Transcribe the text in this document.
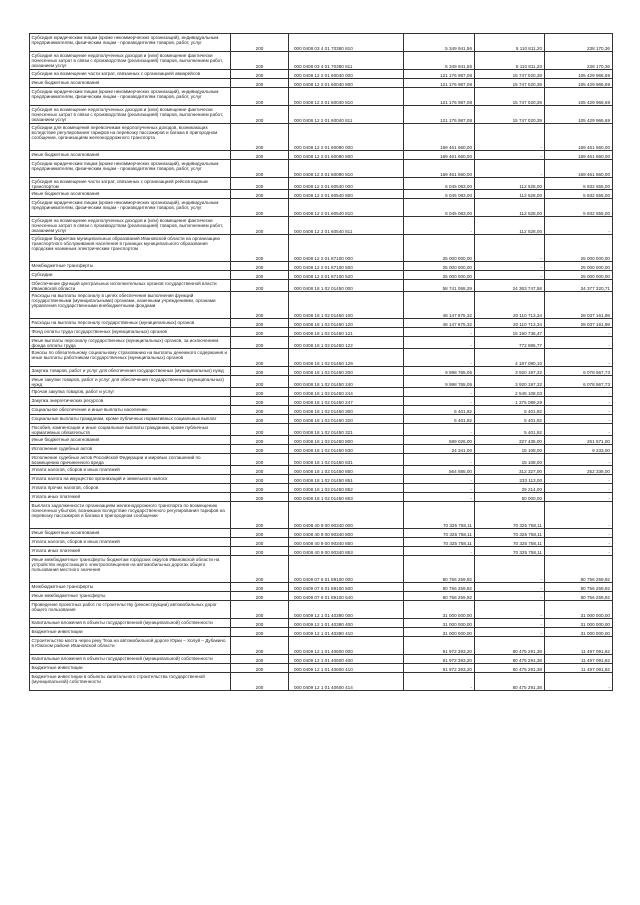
Субсидия юридическим лицам (кроме некоммерческих организаций), индивидуальным предпринимателям, физическим лицам - производителям товаров, работ, услуг	200	000 0408 03 4 01 70380 810	5 349 941,56	5 110 811,20	238 170,36
Субсидия на возмещение недополученных доходов и (или) возмещение фактически понесенных затрат в связи с производством (реализацией) товаров, выполнением работ, оказанием услуг	200	000 0408 03 4 01 70380 811	5 349 941,56	5 110 811,20	238 170,36
Субсидии на возмещение части затрат, связанных с организацией авиарейсов	200	000 0408 12 2 01 60040 000	121 176 987,08	15 747 020,39	105 429 966,69
Иные бюджетные ассигнования	200	000 0408 12 2 01 60040 800	121 176 987,08	15 747 020,39	105 429 966,69
Субсидии юридическим лицам (кроме некоммерческих организаций), индивидуальным предпринимателям, физическим лицам - производителям товаров, работ, услуг	200	000 0408 12 2 01 60040 810	121 176 987,08	15 747 020,39	105 429 966,69
Субсидия на возмещение недополученных доходов и (или) возмещение фактически понесенных затрат в связи с производством (реализацией) товаров, выполнением работ, оказанием услуг	200	000 0408 12 2 01 60040 811	121 176 987,08	15 747 020,39	105 429 966,69
Субсидии для возмещения перевозчикам недополученных доходов, возникающих вследствие регулирования тарифов на перевозку пассажиров и багажа в пригородном сообщении, организациям железнодорожного транспорта	200	000 0408 12 2 01 60090 000	169 461 660,00	-	169 461 660,00
Иные бюджетные ассигнования	200	000 0408 12 2 01 60090 800	169 461 660,00	-	169 461 660,00
Субсидии юридическим лицам (кроме некоммерческих организаций), индивидуальным предпринимателям, физическим лицам - производителям товаров, работ, услуг	200	000 0408 12 2 01 60090 810	169 461 660,00	-	169 461 660,00
Субсидия на возмещение части затрат, связанных с организацией рейсов водным транспортом	200	000 0408 12 2 01 60540 000	6 045 083,00	112 528,00	5 932 555,00
Иные бюджетные ассигнования	200	000 0408 12 2 01 60540 800	6 045 083,00	112 528,00	5 932 555,00
Субсидии юридическим лицам (кроме некоммерческих организаций), индивидуальным предпринимателям, физическим лицам - производителям товаров, работ, услуг	200	000 0408 12 2 01 60540 810	6 045 083,00	112 528,00	5 932 555,00
Субсидия на возмещение недополученных доходов и (или) возмещение фактически понесенных затрат в связи с производством (реализацией) товаров, выполнением работ, оказанием услуг	200	000 0408 12 2 01 60540 811	-	112 528,00	-
Субсидии бюджетам муниципальных образований Ивановской области на организацию транспортного обслуживания населения в границах муниципального образования городским наземным электрическим транспортом	200	000 0408 12 2 01 87100 000	25 000 000,00	-	25 000 000,00
Межбюджетные трансферты	200	000 0408 12 2 01 87100 500	25 000 000,00	-	25 000 000,00
Субсидии	200	000 0408 12 2 01 87100 520	25 000 000,00	-	25 000 000,00
Обеспечение функций центральных исполнительных органов государственной власти Ивановской области	200	000 0408 18 1 02 01450 000	58 741 068,29	24 363 747,58	34 377 320,71
Расходы на выплаты персоналу в целях обеспечения выполнения функций государственными (муниципальными) органами, казенными учреждениями, органами управления государственными внебюджетными фондами	200	000 0408 18 1 02 01450 100	48 147 875,32	20 110 713,34	28 037 161,98
Расходы на выплаты персоналу государственных (муниципальных) органов	200	000 0408 18 1 02 01450 120	48 147 875,32	20 110 713,34	28 037 161,98
Фонд оплаты труда государственных (муниципальных) органов	200	000 0408 18 1 02 01450 121	-	15 150 736,47	-
Иные выплаты персоналу государственных (муниципальных) органов, за исключением фонда оплаты труда	200	000 0408 18 1 02 01450 122	-	772 886,77	-
Взносы по обязательному социальному страхованию на выплаты денежного содержания и иные выплаты работникам государственных (муниципальных) органов	200	000 0408 18 1 02 01450 129	-	4 187 090,10	-
Закупка товаров, работ и услуг для обеспечения государственных (муниципальных) нужд	200	000 0408 18 1 02 01450 200	9 998 765,05	3 920 197,32	6 078 567,73
Иные закупки товаров, работ и услуг для обеспечения государственных (муниципальных) нужд	200	000 0408 18 1 02 01450 240	9 998 765,05	3 920 197,32	6 078 567,73
Прочая закупка товаров, работ и услуг	200	000 0408 18 1 02 01450 244	-	2 545 108,03	-
Закупка энергетических ресурсов	200	000 0408 18 1 02 01450 247	-	1 375 089,29	-
Социальное обеспечение и иные выплаты населению	200	000 0408 18 1 02 01450 300	5 401,92	5 401,92	-
Социальные выплаты гражданам, кроме публичных нормативных социальных выплат	200	000 0408 18 1 02 01450 320	5 401,92	5 401,92	-
Пособия, компенсации и иные социальные выплаты гражданам, кроме публичных нормативных обязательств	200	000 0408 18 1 02 01450 321	-	5 401,92	-
Иные бюджетные ассигнования	200	000 0408 18 1 02 01450 800	589 026,00	327 435,00	261 571,00
Исполнение судебных актов	200	000 0408 18 1 02 01450 830	24 341,00	15 108,00	9 233,00
Исполнение судебных актов Российской Федерации и мировых соглашений по возмещению причиненного вреда	200	000 0408 18 1 02 01450 831	-	15 108,00	-
Уплата налогов, сборов и иных платежей	200	000 0408 18 1 02 01450 850	564 685,00	312 327,00	252 338,00
Уплата налога на имущество организаций и земельного налога	200	000 0408 18 1 02 01450 851	-	233 113,00	-
Уплата прочих налогов, сборов	200	000 0408 18 1 02 01450 852	-	29 214,00	-
Уплата иных платежей	200	000 0408 18 1 02 01450 853	-	50 000,00	-
Выплата задолженности организациям железнодорожного транспорта по возмещению понесенных убытков, возникших вследствие государственного регулирования тарифов на перевозку пассажиров и багажа в пригородном сообщении	200	000 0408 40 9 00 90340 000	70 325 758,11	70 325 758,11	-
Иные бюджетные ассигнования	200	000 0408 40 9 00 90340 800	70 325 758,11	70 325 758,11	-
Уплата налогов, сборов и иных платежей	200	000 0408 40 9 00 90340 850	70 325 758,11	70 325 758,11	-
Уплата иных платежей	200	000 0408 40 9 00 90340 853	-	70 325 758,11	-
Иные межбюджетные трансферты бюджетам городских округов Ивановской области на устройство недостающего электроосвещения на автомобильных дорогах общего пользования местного значения	200	000 0409 07 6 01 89100 000	80 756 259,92	-	80 756 259,92
Межбюджетные трансферты	200	000 0409 07 6 01 89100 500	80 756 259,92	-	80 756 259,92
Иные межбюджетные трансферты	200	000 0409 07 6 01 89100 540	80 756 259,92	-	80 756 259,92
Проведение проектных работ по строительству (реконструкции) автомобильных дорог общего пользования	200	000 0409 12 1 01 40390 000	31 000 000,00	-	31 000 000,00
Капитальные вложения в объекты государственной (муниципальной) собственности	200	000 0409 12 1 01 40390 400	31 000 000,00	-	31 000 000,00
Бюджетные инвестиции	200	000 0409 12 1 01 40390 410	31 000 000,00	-	31 000 000,00
Строительство моста через реку Теза на автомобильной дороге Юрки – Холуй – Дубакино в Южском районе Ивановской области	200	000 0409 12 1 01 40600 000	91 972 393,20	80 475 291,38	11 497 091,82
Капитальные вложения в объекты государственной (муниципальной) собственности	200	000 0409 12 1 01 40600 400	91 972 393,20	80 475 291,38	11 497 091,82
Бюджетные инвестиции	200	000 0409 12 1 01 40600 410	91 972 393,20	80 475 291,38	11 497 091,82
Бюджетные инвестиции в объекты капитального строительства государственной (муниципальной) собственности	200	000 0409 12 1 01 40600 414	-	80 475 291,38	-
